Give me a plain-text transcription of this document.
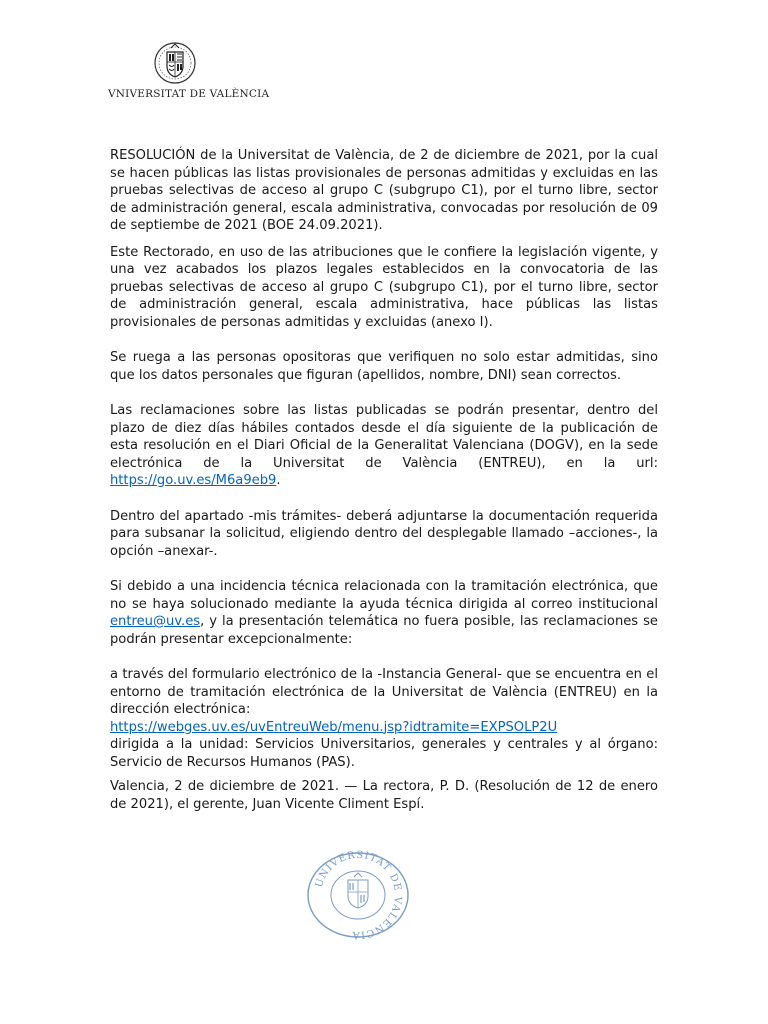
VNIVERSITAT DE VALÈNCIA

RESOLUCIÓN de la Universitat de València, de 2 de diciembre de 2021, por la cual se hacen públicas las listas provisionales de personas admitidas y excluidas en las pruebas selectivas de acceso al grupo C (subgrupo C1), por el turno libre, sector de administración general, escala administrativa, convocadas por resolución de 09 de septiembe de 2021 (BOE 24.09.2021).

Este Rectorado, en uso de las atribuciones que le confiere la legislación vigente, y una vez acabados los plazos legales establecidos en la convocatoria de las pruebas selectivas de acceso al grupo C (subgrupo C1), por el turno libre, sector de administración general, escala administrativa, hace públicas las listas provisionales de personas admitidas y excluidas (anexo I).

Se ruega a las personas opositoras que verifiquen no solo estar admitidas, sino que los datos personales que figuran (apellidos, nombre, DNI) sean correctos.

Las reclamaciones sobre las listas publicadas se podrán presentar, dentro del plazo de diez días hábiles contados desde el día siguiente de la publicación de esta resolución en el Diari Oficial de la Generalitat Valenciana (DOGV), en la sede electrónica de la Universitat de València (ENTREU), en la url: https://go.uv.es/M6a9eb9.

Dentro del apartado -mis trámites- deberá adjuntarse la documentación requerida para subsanar la solicitud, eligiendo dentro del desplegable llamado –acciones-, la opción –anexar-.

Si debido a una incidencia técnica relacionada con la tramitación electrónica, que no se haya solucionado mediante la ayuda técnica dirigida al correo institucional entreu@uv.es, y la presentación telemática no fuera posible, las reclamaciones se podrán presentar excepcionalmente:

a través del formulario electrónico de la -Instancia General- que se encuentra en el entorno de tramitación electrónica de la Universitat de València (ENTREU) en la dirección electrónica:
https://webges.uv.es/uvEntreuWeb/menu.jsp?idtramite=EXPSOLP2U
dirigida a la unidad: Servicios Universitarios, generales y centrales y al órgano: Servicio de Recursos Humanos (PAS).

Valencia, 2 de diciembre de 2021. — La rectora, P. D. (Resolución de 12 de enero de 2021), el gerente, Juan Vicente Climent Espí.
UNIVERSITAT DE VALÈNCIA
